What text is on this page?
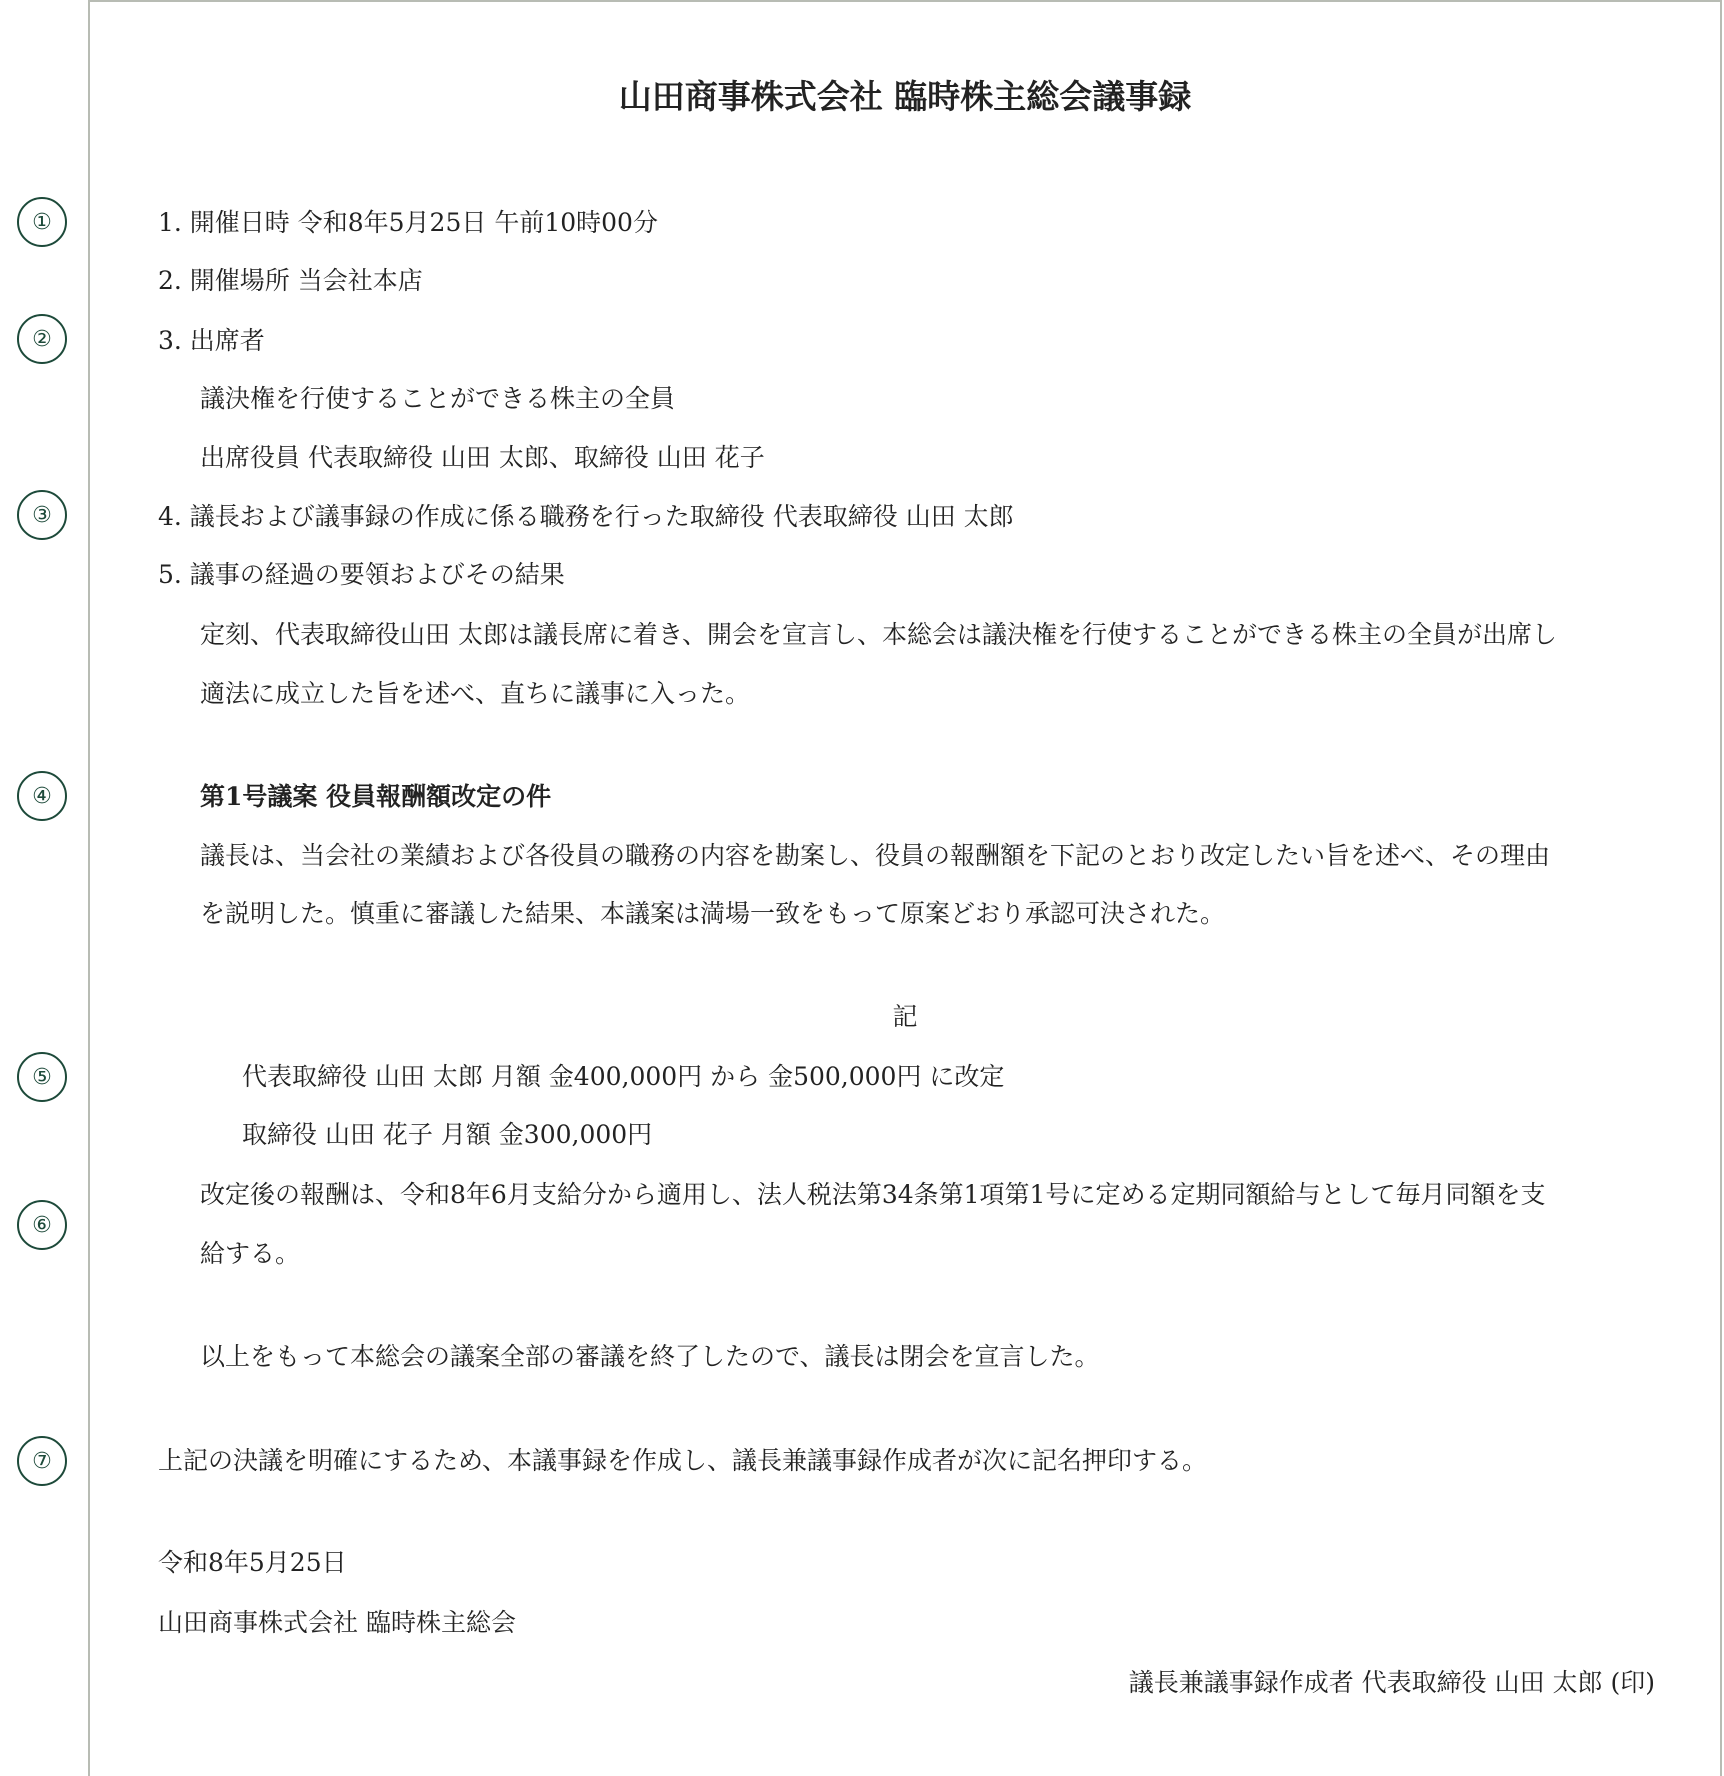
①
②
③
④
⑤
⑥
⑦
山田商事株式会社 臨時株主総会議事録
1. 開催日時 令和8年5月25日 午前10時00分
2. 開催場所 当会社本店
3. 出席者
議決権を行使することができる株主の全員
出席役員 代表取締役 山田 太郎、取締役 山田 花子
4. 議長および議事録の作成に係る職務を行った取締役 代表取締役 山田 太郎
5. 議事の経過の要領およびその結果
定刻、代表取締役山田 太郎は議長席に着き、開会を宣言し、本総会は議決権を行使することができる株主の全員が出席し
適法に成立した旨を述べ、直ちに議事に入った。
第1号議案 役員報酬額改定の件
議長は、当会社の業績および各役員の職務の内容を勘案し、役員の報酬額を下記のとおり改定したい旨を述べ、その理由
を説明した。慎重に審議した結果、本議案は満場一致をもって原案どおり承認可決された。
記
代表取締役 山田 太郎 月額 金400,000円 から 金500,000円 に改定
取締役 山田 花子 月額 金300,000円
改定後の報酬は、令和8年6月支給分から適用し、法人税法第34条第1項第1号に定める定期同額給与として毎月同額を支
給する。
以上をもって本総会の議案全部の審議を終了したので、議長は閉会を宣言した。
上記の決議を明確にするため、本議事録を作成し、議長兼議事録作成者が次に記名押印する。
令和8年5月25日
山田商事株式会社 臨時株主総会
議長兼議事録作成者 代表取締役 山田 太郎 (印)
